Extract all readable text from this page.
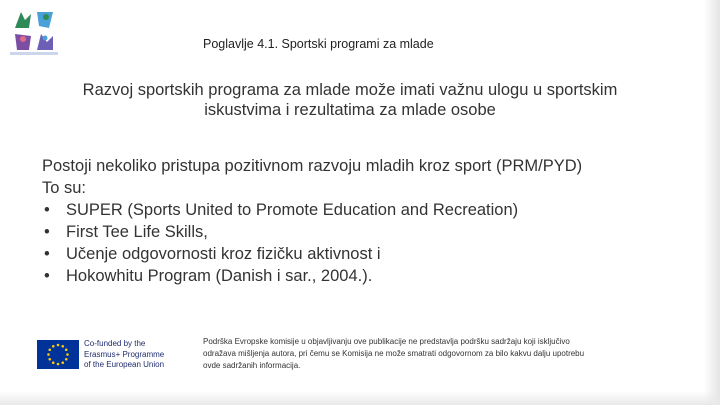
Poglavlje 4.1. Sportski programi za mlade
Razvoj sportskih programa za mlade može imati važnu ulogu u sportskim
iskustvima i rezultatima za mlade osobe
Postoji nekoliko pristupa pozitivnom razvoju mladih kroz sport (PRM/PYD)
To su:
• SUPER (Sports United to Promote Education and Recreation)
• First Tee Life Skills,
• Učenje odgovornosti kroz fizičku aktivnost i
• Hokowhitu Program (Danish i sar., 2004.).
Co-funded by the
Erasmus+ Programme
of the European Union
Podrška Evropske komisije u objavljivanju ove publikacije ne predstavlja podršku sadržaju koji isključivo
odražava mišljenja autora, pri čemu se Komisija ne može smatrati odgovornom za bilo kakvu dalju upotrebu
ovde sadržanih informacija.
